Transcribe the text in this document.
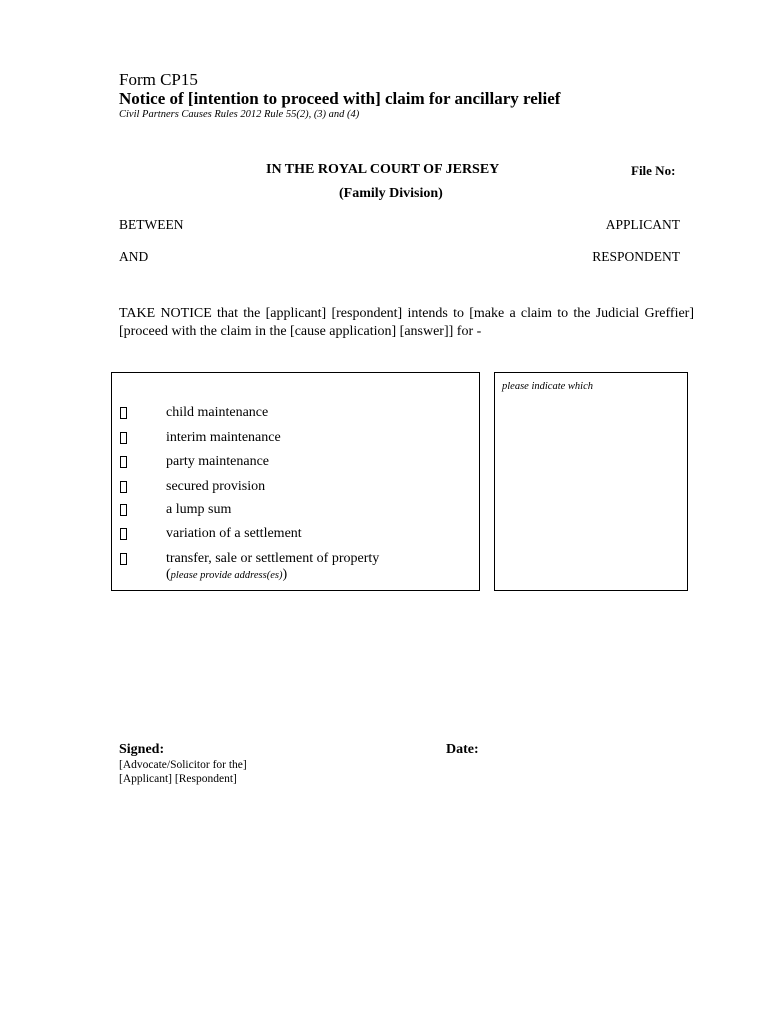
Form CP15
Notice of [intention to proceed with] claim for ancillary relief
Civil Partners Causes Rules 2012 Rule 55(2), (3) and (4)
IN THE ROYAL COURT OF JERSEY	File No:
(Family Division)
BETWEEN	APPLICANT
AND	RESPONDENT
TAKE NOTICE that the [applicant] [respondent] intends to [make a claim to the Judicial Greffier] [proceed with the claim in the [cause application] [answer]] for -
child maintenance
interim maintenance
party maintenance
secured provision
a lump sum
variation of a settlement
transfer, sale or settlement of property
(please provide address(es))
please indicate which
Signed:	Date:
[Advocate/Solicitor for the]
[Applicant] [Respondent]
